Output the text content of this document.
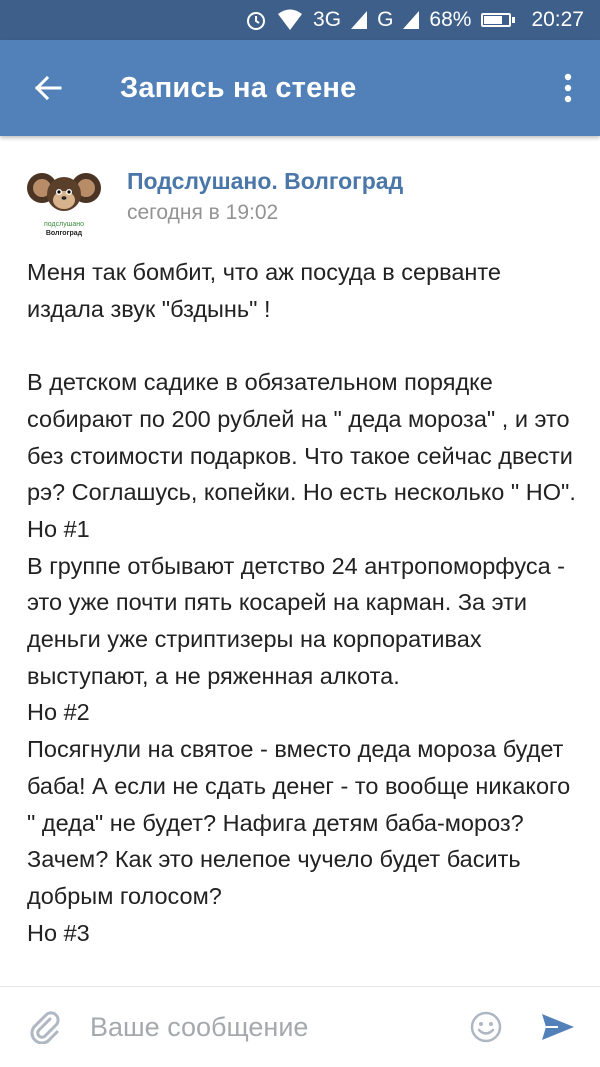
3G G 68%	20:27
Запись на стене
подслушано
Волгоград
Подслушано. Волгоград
сегодня в 19:02

Меня так бомбит, что аж посуда в серванте издала звук "бздынь" !

В детском садике в обязательном порядке собирают по 200 рублей на " деда мороза" , и это без стоимости подарков. Что такое сейчас двести рэ? Соглашусь, копейки. Но есть несколько " НО".

Но #1

В группе отбывают детство 24 антропоморфуса - это уже почти пять косарей на карман. За эти деньги уже стриптизеры на корпоративах выступают, а не ряженная алкота.

Но #2

Посягнули на святое - вместо деда мороза будет баба! А если не сдать денег - то вообще никакого " деда" не будет? Нафига детям баба-мороз? Зачем? Как это нелепое чучело будет басить добрым голосом?

Но #3

Ваше сообщение
